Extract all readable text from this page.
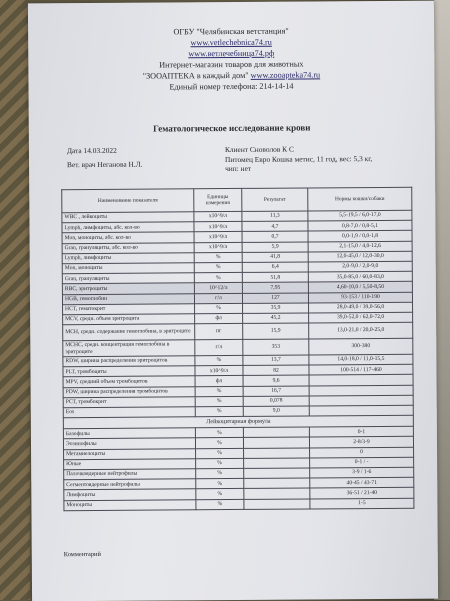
ОГБУ "Челябинская ветстанция"
www.vetlechebnica74.ru
www.ветлечебница74.рф
Интернет-магазин товаров для животных
"ЗООАПТЕКА в каждый дом" www.zooapteka74.ru
Единый номер телефона: 214-14-14
Гематологическое исследование крови
Дата 14.03.2022
Вет. врач Неганова Н.Л.
Клиент Сноволов К С
Питомец Евро Кошка метис, 11 год, вес: 5,3 кг,
чип: нет
Наименование показателя	Единицы измерения	Результат	Нормы кошки/собаки
WBC , лейкоциты	х10^9/л	11,3	5,5-19,5 / 6,0-17,0
Lymph, лимфоциты, абс. кол-во	х10^9/л	4,7	0,8-7,0 / 0,8-5,1
Mon, моноциты, абс. кол-во	х10^9/л	0,7	0,0-1,9 / 0,0-1,8
Gran, грануляциты, абс. кол-во	х10^9/л	5,9	2,1-15,0 / 4,0-12,6
Lymph, лимфоциты	%	41,8	12,0-45,0 / 12,0-30,0
Mon, моноциты	%	6,4	2,0-9,0 / 2,0-9,0
Gran, грануляциты	%	51,8	35,0-85,0 / 60,0-83,0
RBC, эритроциты	10^12/л	7,95	4,60-10,0 / 5,50-8,50
HGB, гемоглобин	г/л	127	93-153 / 110-190
HCT, гематокрит	%	35,9	28,0-49,0 / 39,0-56,0
MCV, средн. объем эритроцита	фл	45,2	39,0-52,0 / 62,0-72,0
MCH, средн. содержание гемоглобина, в эритроците	пг	15,9	13,0-21,0 / 20,0-25,0
MCHC, средн. концентрация гемоглобина в эритроците	г/л	353	300-380
RDW, ширина распределения эритроцитов	%	13,7	14,0-18,0 / 11,0-15,5
PLT, тромбоциты	х10^9/л	82	100-514 / 117-460
MPV, средний объем тромбоцитов	фл	9,6	
PDW, ширина распределения тромбоцитов	%	16,7	
PCT, тромбокрит	%	0,078	
Eos	%	9,0	
Лейкоцитарная формула			
Базофилы	%		0-1
Эозинофилы	%		2-8/3-9
Метамиелоциты	%		0
Юные	%		0-1 / -
Палочкоядерные нейтрофилы	%		3-9 / 1-6
Сегментоядерные нейтрофилы	%		40-45 / 43-71
Лимфоциты	%		36-51 / 21-40
Моноциты	%		1-5
Комментарий
